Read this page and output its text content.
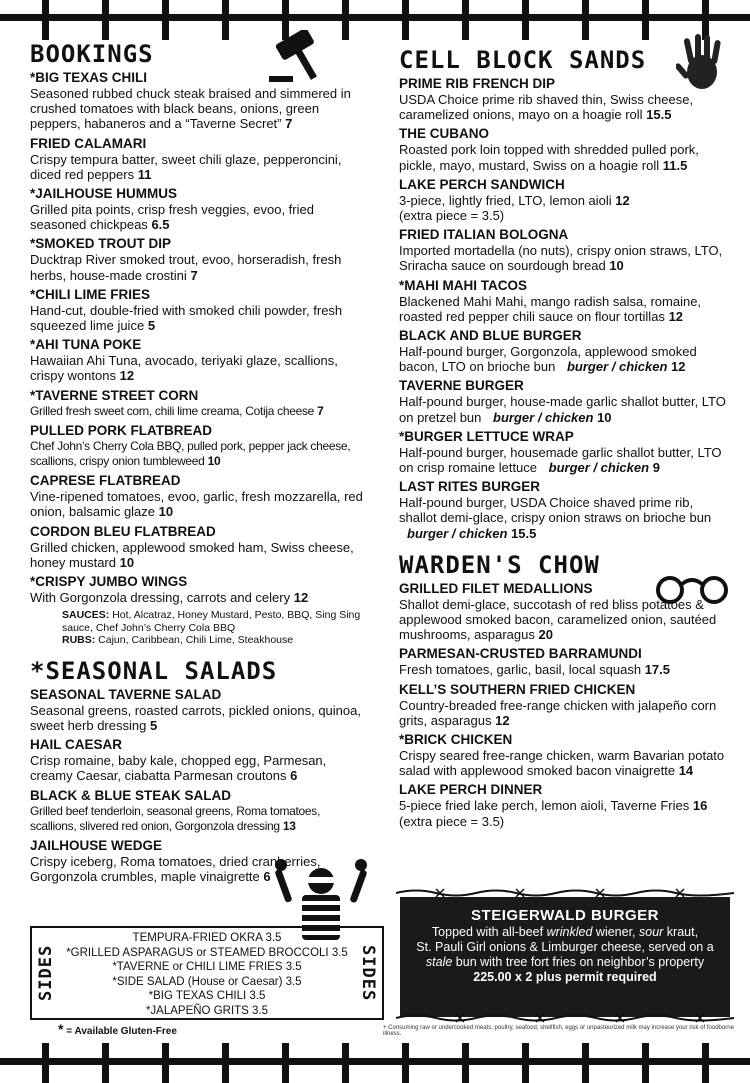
BOOKINGS
*BIG TEXAS CHILI
Seasoned rubbed chuck steak braised and simmered in crushed tomatoes with black beans, onions, green peppers, habaneros and a “Taverne Secret” 7
FRIED CALAMARI
Crispy tempura batter, sweet chili glaze, pepperoncini, diced red peppers 11
*JAILHOUSE HUMMUS
Grilled pita points, crisp fresh veggies, evoo, fried seasoned chickpeas 6.5
*SMOKED TROUT DIP
Ducktrap River smoked trout, evoo, horseradish, fresh herbs, house-made crostini 7
*CHILI LIME FRIES
Hand-cut, double-fried with smoked chili powder, fresh squeezed lime juice 5
*AHI TUNA POKE
Hawaiian Ahi Tuna, avocado, teriyaki glaze, scallions, crispy wontons 12
*TAVERNE STREET CORN
Grilled fresh sweet corn, chili lime creama, Cotija cheese 7
PULLED PORK FLATBREAD
Chef John’s Cherry Cola BBQ, pulled pork, pepper jack cheese, scallions, crispy onion tumbleweed 10
CAPRESE FLATBREAD
Vine-ripened tomatoes, evoo, garlic, fresh mozzarella, red onion, balsamic glaze 10
CORDON BLEU FLATBREAD
Grilled chicken, applewood smoked ham, Swiss cheese, honey mustard 10
*CRISPY JUMBO WINGS
With Gorgonzola dressing, carrots and celery 12
SAUCES: Hot, Alcatraz, Honey Mustard, Pesto, BBQ, Sing Sing sauce, Chef John’s Cherry Cola BBQ
RUBS: Cajun, Caribbean, Chili Lime, Steakhouse
*SEASONAL SALADS
SEASONAL TAVERNE SALAD
Seasonal greens, roasted carrots, pickled onions, quinoa, sweet herb dressing 5
HAIL CAESAR
Crisp romaine, baby kale, chopped egg, Parmesan, creamy Caesar, ciabatta Parmesan croutons 6
BLACK & BLUE STEAK SALAD
Grilled beef tenderloin, seasonal greens, Roma tomatoes, scallions, slivered red onion, Gorgonzola dressing 13
JAILHOUSE WEDGE
Crispy iceberg, Roma tomatoes, dried cranberries, Gorgonzola crumbles, maple vinaigrette 6
SIDES
TEMPURA-FRIED OKRA 3.5
*GRILLED ASPARAGUS or STEAMED BROCCOLI 3.5
*TAVERNE or CHILI LIME FRIES 3.5
*SIDE SALAD (House or Caesar) 3.5
*BIG TEXAS CHILI 3.5
*JALAPEÑO GRITS 3.5
SIDES
* = Available Gluten-Free	+ Consuming raw or undercooked meats, poultry, seafood, shellfish, eggs or unpasteurized milk may increase your risk of foodborne illness.
CELL BLOCK SANDS
PRIME RIB FRENCH DIP
USDA Choice prime rib shaved thin, Swiss cheese, caramelized onions, mayo on a hoagie roll 15.5
THE CUBANO
Roasted pork loin topped with shredded pulled pork, pickle, mayo, mustard, Swiss on a hoagie roll 11.5
LAKE PERCH SANDWICH
3-piece, lightly fried, LTO, lemon aioli 12
(extra piece = 3.5)
FRIED ITALIAN BOLOGNA
Imported mortadella (no nuts), crispy onion straws, LTO, Sriracha sauce on sourdough bread 10
*MAHI MAHI TACOS
Blackened Mahi Mahi, mango radish salsa, romaine, roasted red pepper chili sauce on flour tortillas 12
BLACK AND BLUE BURGER
Half-pound burger, Gorgonzola, applewood smoked bacon, LTO on brioche bun burger / chicken 12
TAVERNE BURGER
Half-pound burger, house-made garlic shallot butter, LTO on pretzel bun burger / chicken 10
*BURGER LETTUCE WRAP
Half-pound burger, housemade garlic shallot butter, LTO on crisp romaine lettuce burger / chicken 9
LAST RITES BURGER
Half-pound burger, USDA Choice shaved prime rib, shallot demi-glace, crispy onion straws on brioche bun burger / chicken 15.5
WARDEN'S CHOW
GRILLED FILET MEDALLIONS
Shallot demi-glace, succotash of red bliss potatoes & applewood smoked bacon, caramelized onion, sautéed mushrooms, asparagus 20
PARMESAN-CRUSTED BARRAMUNDI
Fresh tomatoes, garlic, basil, local squash 17.5
KELL’S SOUTHERN FRIED CHICKEN
Country-breaded free-range chicken with jalapeño corn grits, asparagus 12
*BRICK CHICKEN
Crispy seared free-range chicken, warm Bavarian potato salad with applewood smoked bacon vinaigrette 14
LAKE PERCH DINNER
5-piece fried lake perch, lemon aioli, Taverne Fries 16
(extra piece = 3.5)
STEIGERWALD BURGER
Topped with all-beef wrinkled wiener, sour kraut,
St. Pauli Girl onions & Limburger cheese, served on a
stale bun with tree fort fries on neighbor’s property
225.00 x 2 plus permit required
